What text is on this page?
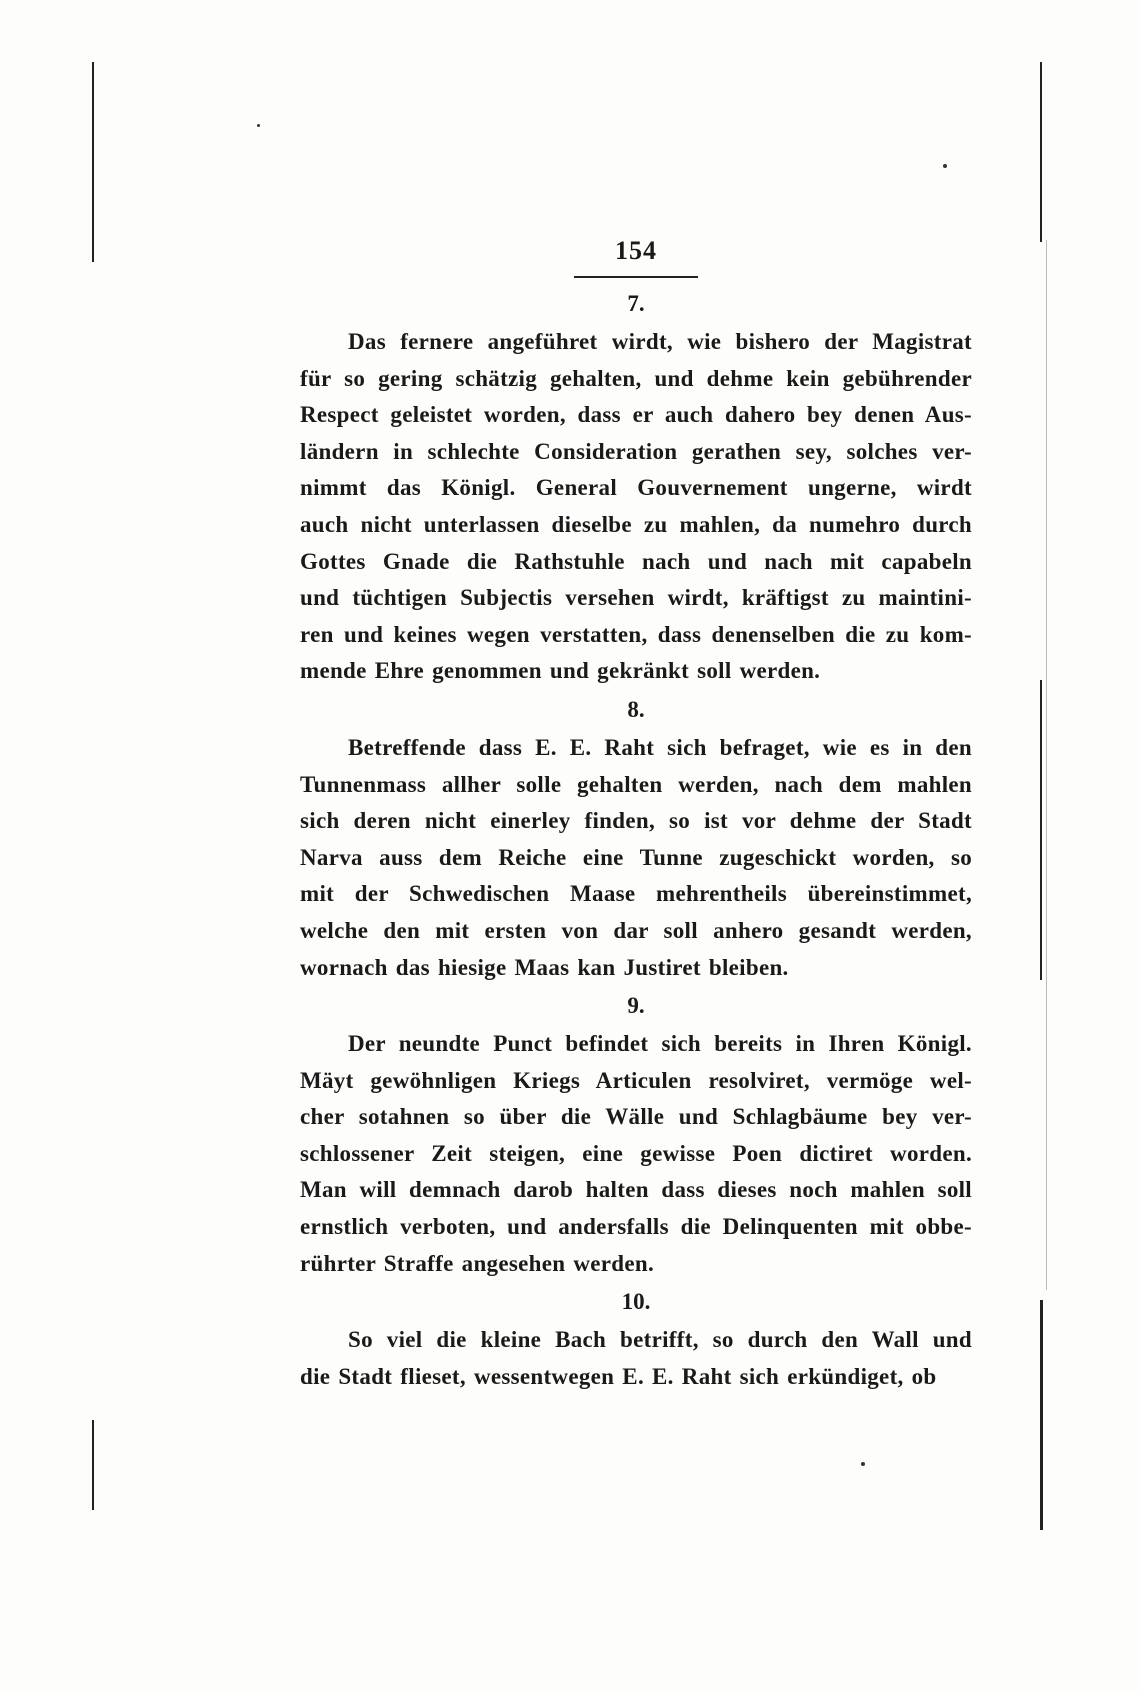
154
7.
Das fernere angeführet wirdt, wie bishero der Magistrat
für so gering schätzig gehalten, und dehme kein gebührender
Respect geleistet worden, dass er auch dahero bey denen Aus-
ländern in schlechte Consideration gerathen sey, solches ver-
nimmt das Königl. General Gouvernement ungerne, wirdt
auch nicht unterlassen dieselbe zu mahlen, da numehro durch
Gottes Gnade die Rathstuhle nach und nach mit capabeln
und tüchtigen Subjectis versehen wirdt, kräftigst zu maintini-
ren und keines wegen verstatten, dass denenselben die zu kom-
mende Ehre genommen und gekränkt soll werden.
8.
Betreffende dass E. E. Raht sich befraget, wie es in den
Tunnenmass allher solle gehalten werden, nach dem mahlen
sich deren nicht einerley finden, so ist vor dehme der Stadt
Narva auss dem Reiche eine Tunne zugeschickt worden, so
mit der Schwedischen Maase mehrentheils übereinstimmet,
welche den mit ersten von dar soll anhero gesandt werden,
wornach das hiesige Maas kan Justiret bleiben.
9.
Der neundte Punct befindet sich bereits in Ihren Königl.
Mäyt gewöhnligen Kriegs Articulen resolviret, vermöge wel-
cher sotahnen so über die Wälle und Schlagbäume bey ver-
schlossener Zeit steigen, eine gewisse Poen dictiret worden.
Man will demnach darob halten dass dieses noch mahlen soll
ernstlich verboten, und andersfalls die Delinquenten mit obbe-
rührter Straffe angesehen werden.
10.
So viel die kleine Bach betrifft, so durch den Wall und
die Stadt flieset, wessentwegen E. E. Raht sich erkündiget, ob
